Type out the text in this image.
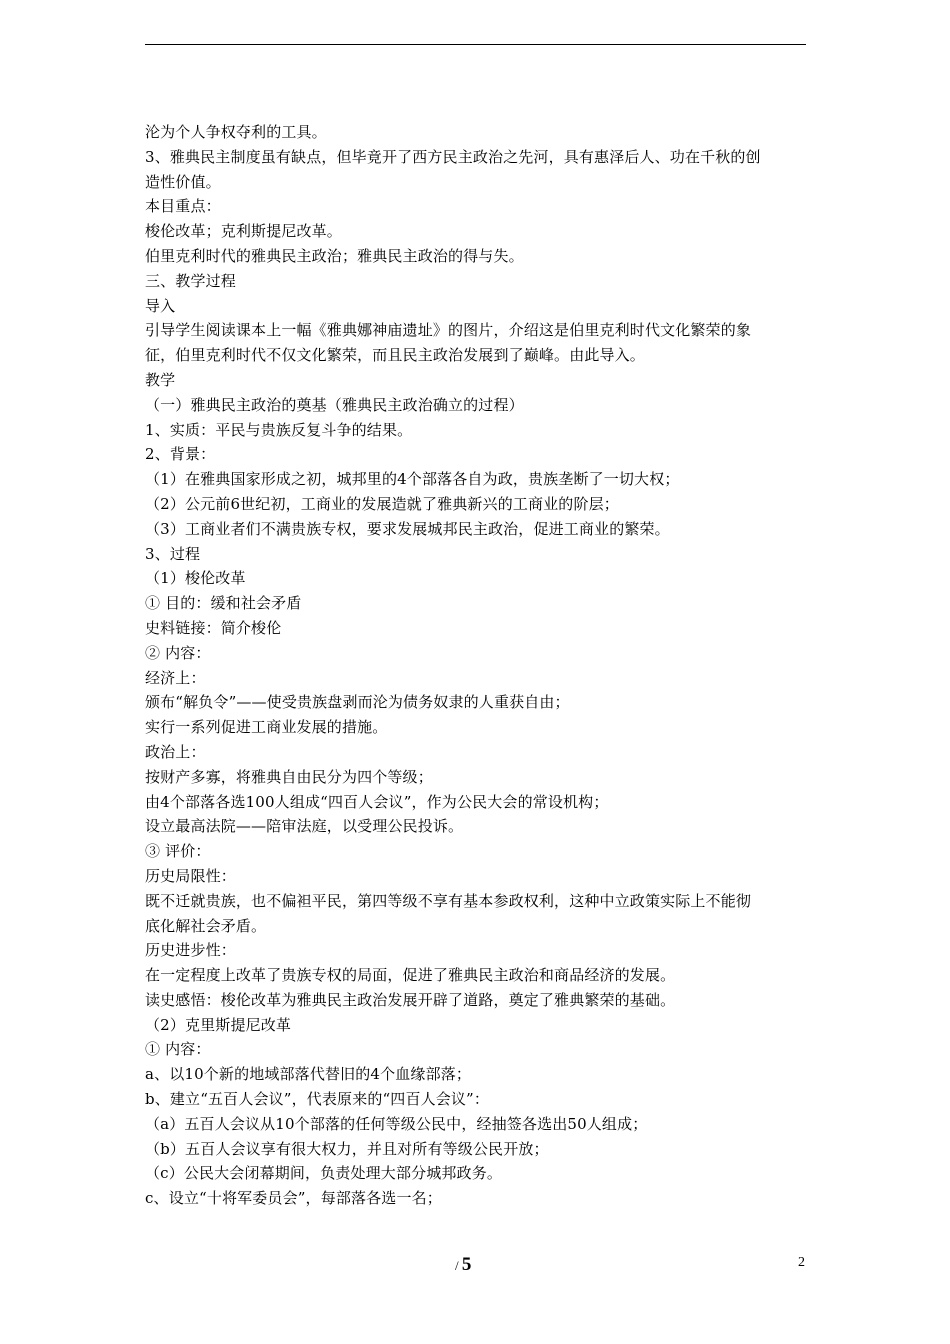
沦为个人争权夺利的工具。
3、雅典民主制度虽有缺点，但毕竟开了西方民主政治之先河，具有惠泽后人、功在千秋的创
造性价值。
本目重点：
梭伦改革；克利斯提尼改革。
伯里克利时代的雅典民主政治；雅典民主政治的得与失。
三、教学过程
导入
引导学生阅读课本上一幅《雅典娜神庙遗址》的图片，介绍这是伯里克利时代文化繁荣的象
征，伯里克利时代不仅文化繁荣，而且民主政治发展到了巅峰。由此导入。
教学
（一）雅典民主政治的奠基（雅典民主政治确立的过程）
1、实质：平民与贵族反复斗争的结果。
2、背景：
（1）在雅典国家形成之初，城邦里的4个部落各自为政，贵族垄断了一切大权；
（2）公元前6世纪初，工商业的发展造就了雅典新兴的工商业的阶层；
（3）工商业者们不满贵族专权，要求发展城邦民主政治，促进工商业的繁荣。
3、过程
（1）梭伦改革
① 目的：缓和社会矛盾
史料链接：简介梭伦
② 内容：
经济上：
颁布“解负令”——使受贵族盘剥而沦为债务奴隶的人重获自由；
实行一系列促进工商业发展的措施。
政治上：
按财产多寡，将雅典自由民分为四个等级；
由4个部落各选100人组成“四百人会议”，作为公民大会的常设机构；
设立最高法院——陪审法庭，以受理公民投诉。
③ 评价：
历史局限性：
既不迁就贵族，也不偏袒平民，第四等级不享有基本参政权利，这种中立政策实际上不能彻
底化解社会矛盾。
历史进步性：
在一定程度上改革了贵族专权的局面，促进了雅典民主政治和商品经济的发展。
读史感悟：梭伦改革为雅典民主政治发展开辟了道路，奠定了雅典繁荣的基础。
（2）克里斯提尼改革
① 内容：
a、以10个新的地域部落代替旧的4个血缘部落；
b、建立“五百人会议”，代表原来的“四百人会议”：
（a）五百人会议从10个部落的任何等级公民中，经抽签各选出50人组成；
（b）五百人会议享有很大权力，并且对所有等级公民开放；
（c）公民大会闭幕期间，负责处理大部分城邦政务。
c、设立“十将军委员会”，每部落各选一名；
/ 5	2
